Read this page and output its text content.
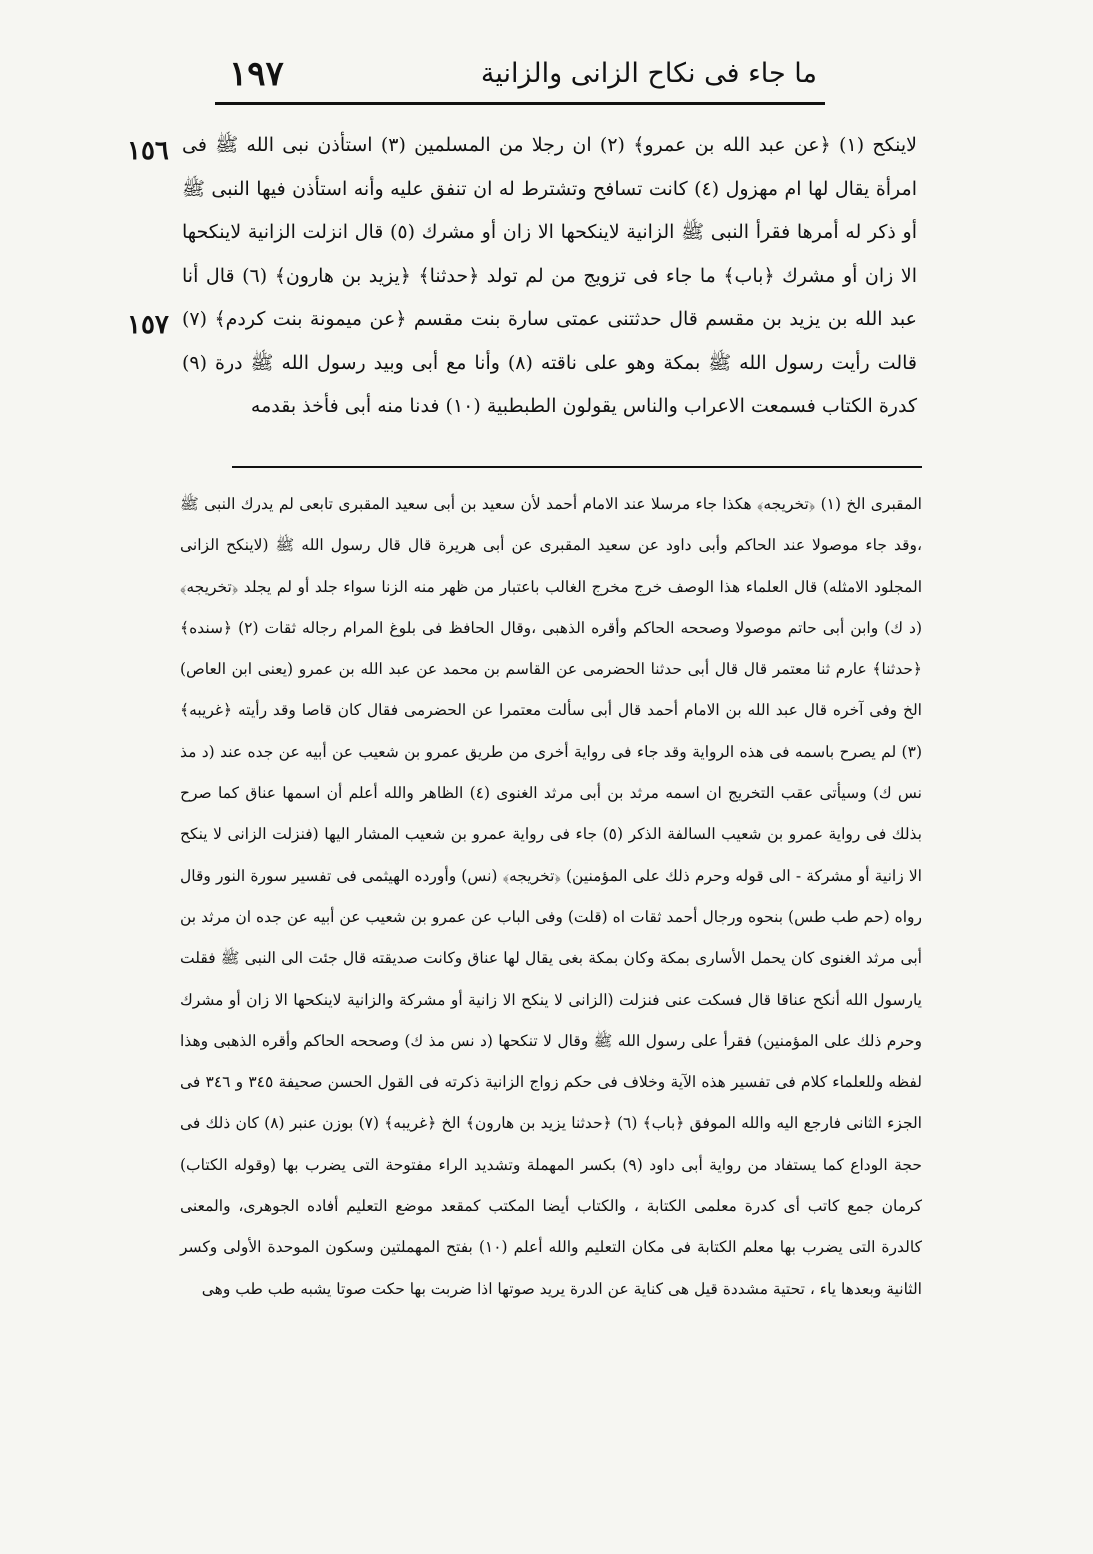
١٩٧	ما جاء فى نكاح الزانى والزانية
١٥٦
١٥٧

لاينكح (١) ﴿عن عبد الله بن عمرو﴾ (٢) ان رجلا من المسلمين (٣) استأذن نبى الله ﷺ فى امرأة يقال لها ام مهزول (٤) كانت تسافح وتشترط له ان تنفق عليه وأنه استأذن فيها النبى ﷺ أو ذكر له أمرها فقرأ النبى ﷺ الزانية لاينكحها الا زان أو مشرك (٥) قال انزلت الزانية لاينكحها الا زان أو مشرك ﴿باب﴾ ما جاء فى تزويج من لم تولد ﴿حدثنا﴾ ﴿يزيد بن هارون﴾ (٦) قال أنا عبد الله بن يزيد بن مقسم قال حدثتنى عمتى سارة بنت مقسم ﴿عن ميمونة بنت كردم﴾ (٧) قالت رأيت رسول الله ﷺ بمكة وهو على ناقته (٨) وأنا مع أبى وبيد رسول الله ﷺ درة (٩) كدرة الكتاب فسمعت الاعراب والناس يقولون الطبطبية (١٠) فدنا منه أبى فأخذ بقدمه

المقبرى الخ (١) ﴿تخريجه﴾ هكذا جاء مرسلا عند الامام أحمد لأن سعيد بن أبى سعيد المقبرى تابعى لم يدرك النبى ﷺ ،وقد جاء موصولا عند الحاكم وأبى داود عن سعيد المقبرى عن أبى هريرة قال قال رسول الله ﷺ (لاينكح الزانى المجلود الامثله) قال العلماء هذا الوصف خرج مخرج الغالب باعتبار من ظهر منه الزنا سواء جلد أو لم يجلد ﴿تخريجه﴾ (د ك) وابن أبى حاتم موصولا وصححه الحاكم وأقره الذهبى ،وقال الحافظ فى بلوغ المرام رجاله ثقات (٢) ﴿سنده﴾ ﴿حدثنا﴾ عارم ثنا معتمر قال قال أبى حدثنا الحضرمى عن القاسم بن محمد عن عبد الله بن عمرو (يعنى ابن العاص) الخ وفى آخره قال عبد الله بن الامام أحمد قال أبى سألت معتمرا عن الحضرمى فقال كان قاصا وقد رأيته ﴿غريبه﴾ (٣) لم يصرح باسمه فى هذه الرواية وقد جاء فى رواية أخرى من طريق عمرو بن شعيب عن أبيه عن جده عند (د مذ نس ك) وسيأتى عقب التخريج ان اسمه مرثد بن أبى مرثد الغنوى (٤) الظاهر والله أعلم أن اسمها عناق كما صرح بذلك فى رواية عمرو بن شعيب السالفة الذكر (٥) جاء فى رواية عمرو بن شعيب المشار اليها (فنزلت الزانى لا ينكح الا زانية أو مشركة - الى قوله وحرم ذلك على المؤمنين) ﴿تخريجه﴾ (نس) وأورده الهيثمى فى تفسير سورة النور وقال رواه (حم طب طس) بنحوه ورجال أحمد ثقات اه (قلت) وفى الباب عن عمرو بن شعيب عن أبيه عن جده ان مرثد بن أبى مرثد الغنوى كان يحمل الأسارى بمكة وكان بمكة بغى يقال لها عناق وكانت صديقته قال جئت الى النبى ﷺ فقلت يارسول الله أنكح عناقا قال فسكت عنى فنزلت (الزانى لا ينكح الا زانية أو مشركة والزانية لاينكحها الا زان أو مشرك وحرم ذلك على المؤمنين) فقرأ على رسول الله ﷺ وقال لا تنكحها (د نس مذ ك) وصححه الحاكم وأقره الذهبى وهذا لفظه وللعلماء كلام فى تفسير هذه الآية وخلاف فى حكم زواج الزانية ذكرته فى القول الحسن صحيفة ٣٤٥ و ٣٤٦ فى الجزء الثانى فارجع اليه والله الموفق ﴿باب﴾ (٦) ﴿حدثنا يزيد بن هارون﴾ الخ ﴿غريبه﴾ (٧) بوزن عنبر (٨) كان ذلك فى حجة الوداع كما يستفاد من رواية أبى داود (٩) بكسر المهملة وتشديد الراء مفتوحة التى يضرب بها (وقوله الكتاب) كرمان جمع كاتب أى كدرة معلمى الكتابة ، والكتاب أيضا المكتب كمقعد موضع التعليم أفاده الجوهرى، والمعنى كالدرة التى يضرب بها معلم الكتابة فى مكان التعليم والله أعلم (١٠) بفتح المهملتين وسكون الموحدة الأولى وكسر الثانية وبعدها ياء ، تحتية مشددة قيل هى كناية عن الدرة يريد صوتها اذا ضربت بها حكت صوتا يشبه طب طب وهى
